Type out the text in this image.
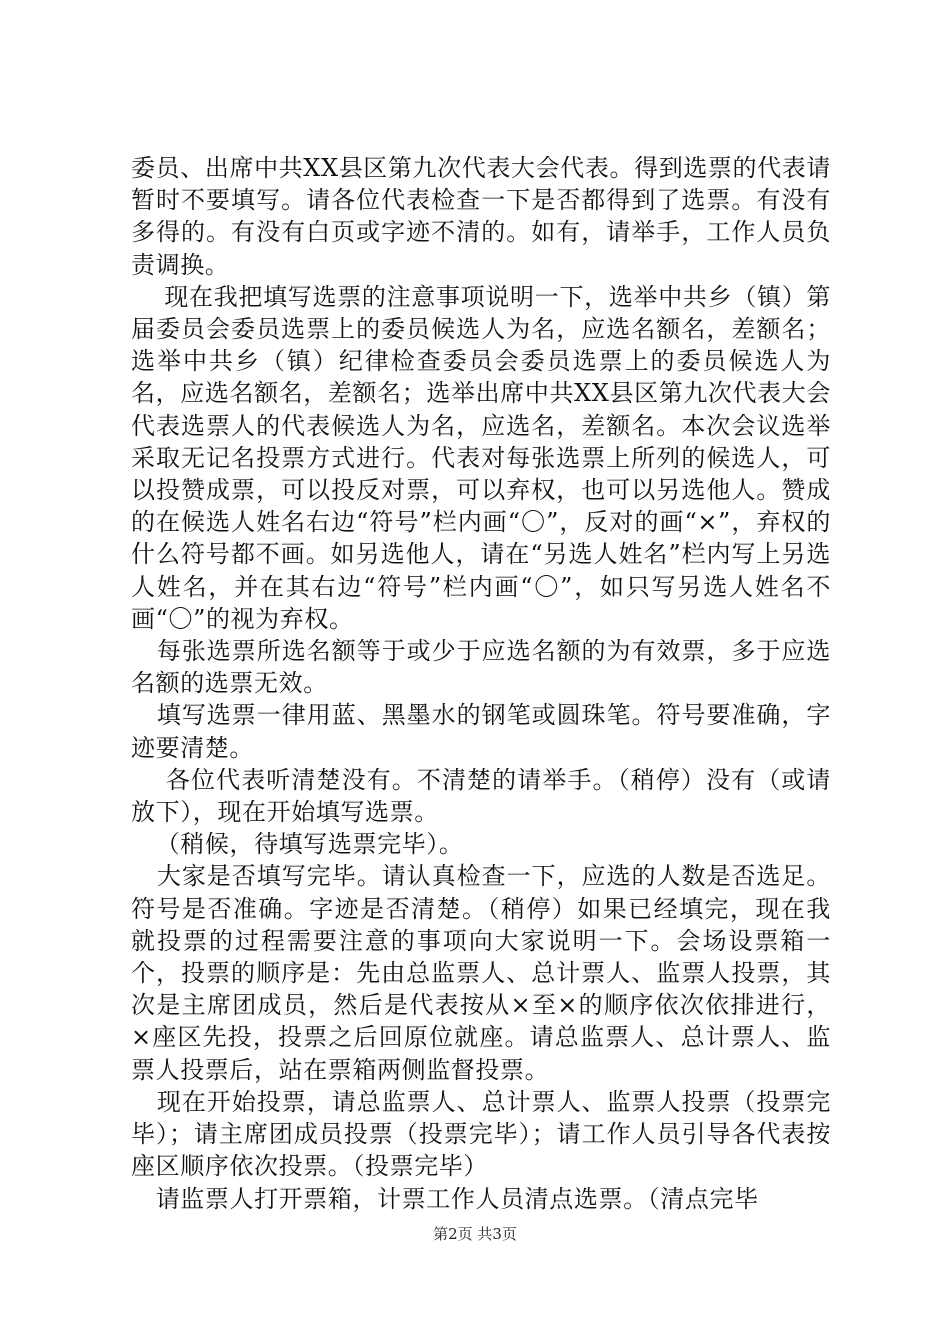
委员、出席中共XX县区第九次代表大会代表。得到选票的代表请暂时不要填写。请各位代表检查一下是否都得到了选票。有没有多得的。有没有白页或字迹不清的。如有，请举手，工作人员负责调换。

现在我把填写选票的注意事项说明一下，选举中共乡（镇）第届委员会委员选票上的委员候选人为名，应选名额名，差额名；选举中共乡（镇）纪律检查委员会委员选票上的委员候选人为名，应选名额名，差额名；选举出席中共XX县区第九次代表大会代表选票人的代表候选人为名，应选名，差额名。本次会议选举采取无记名投票方式进行。代表对每张选票上所列的候选人，可以投赞成票，可以投反对票，可以弃权，也可以另选他人。赞成的在候选人姓名右边“符号”栏内画“〇”，反对的画“×”，弃权的什么符号都不画。如另选他人，请在“另选人姓名”栏内写上另选人姓名，并在其右边“符号”栏内画“〇”，如只写另选人姓名不画“〇”的视为弃权。

每张选票所选名额等于或少于应选名额的为有效票，多于应选名额的选票无效。

填写选票一律用蓝、黑墨水的钢笔或圆珠笔。符号要准确，字迹要清楚。

各位代表听清楚没有。不清楚的请举手。（稍停）没有（或请放下），现在开始填写选票。

（稍候，待填写选票完毕）。

大家是否填写完毕。请认真检查一下，应选的人数是否选足。符号是否准确。字迹是否清楚。（稍停）如果已经填完，现在我就投票的过程需要注意的事项向大家说明一下。会场设票箱一个，投票的顺序是：先由总监票人、总计票人、监票人投票，其次是主席团成员，然后是代表按从×至×的顺序依次依排进行，×座区先投，投票之后回原位就座。请总监票人、总计票人、监票人投票后，站在票箱两侧监督投票。

现在开始投票，请总监票人、总计票人、监票人投票（投票完毕）；请主席团成员投票（投票完毕）；请工作人员引导各代表按座区顺序依次投票。（投票完毕）

请监票人打开票箱，计票工作人员清点选票。（清点完毕

第2页 共3页
